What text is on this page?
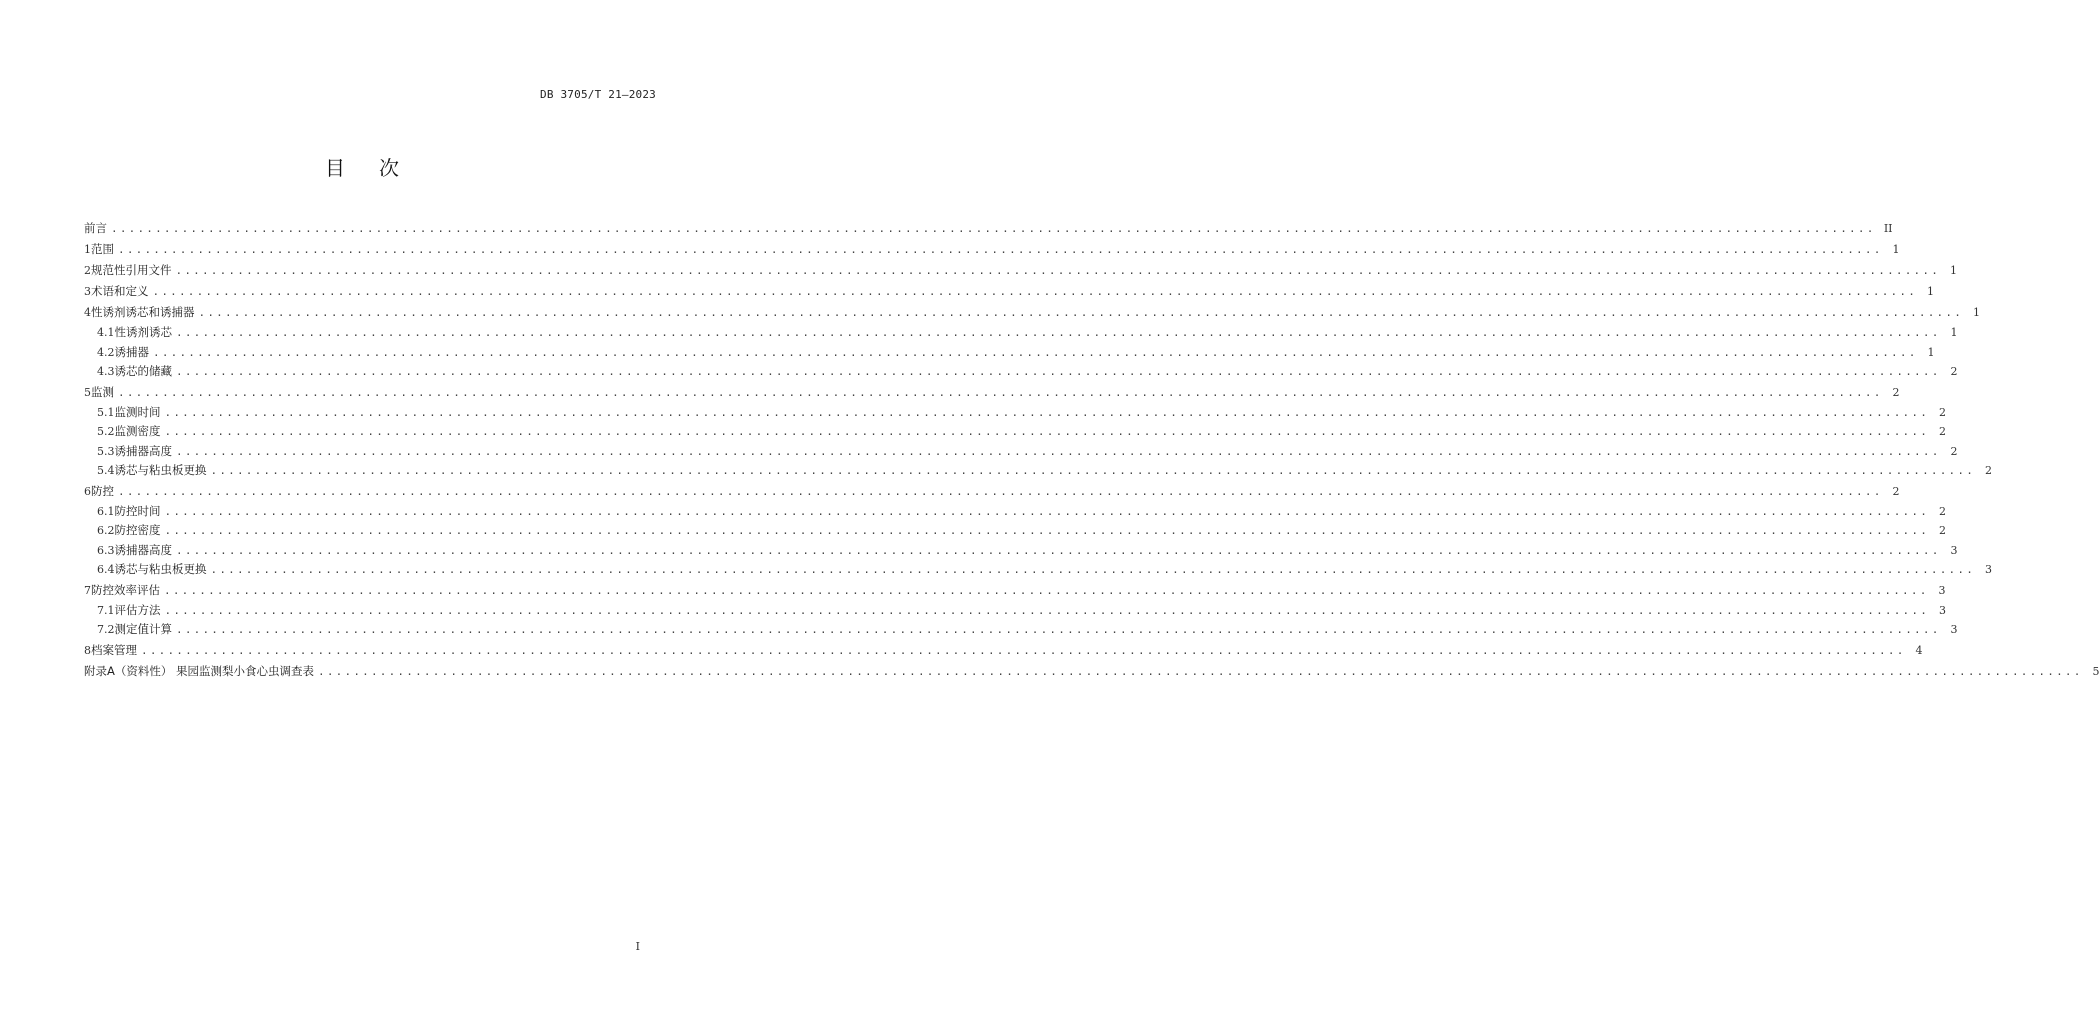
DB 3705/T 21—2023
目次
前言 ........................................................................................................................................................................................................ II
1 范围 ........................................................................................................................................................................................................ 1
2 规范性引用文件 ........................................................................................................................................................................................................ 1
3 术语和定义 ........................................................................................................................................................................................................ 1
4 性诱剂诱芯和诱捕器 ........................................................................................................................................................................................................ 1
4.1 性诱剂诱芯 ........................................................................................................................................................................................................ 1
4.2 诱捕器 ........................................................................................................................................................................................................ 1
4.3 诱芯的储藏 ........................................................................................................................................................................................................ 2
5 监测 ........................................................................................................................................................................................................ 2
5.1 监测时间 ........................................................................................................................................................................................................ 2
5.2 监测密度 ........................................................................................................................................................................................................ 2
5.3 诱捕器高度 ........................................................................................................................................................................................................ 2
5.4 诱芯与粘虫板更换 ........................................................................................................................................................................................................ 2
6 防控 ........................................................................................................................................................................................................ 2
6.1 防控时间 ........................................................................................................................................................................................................ 2
6.2 防控密度 ........................................................................................................................................................................................................ 2
6.3 诱捕器高度 ........................................................................................................................................................................................................ 3
6.4 诱芯与粘虫板更换 ........................................................................................................................................................................................................ 3
7 防控效率评估 ........................................................................................................................................................................................................ 3
7.1 评估方法 ........................................................................................................................................................................................................ 3
7.2 测定值计算 ........................................................................................................................................................................................................ 3
8 档案管理 ........................................................................................................................................................................................................ 4
附录A（资料性） 果园监测梨小食心虫调查表 ........................................................................................................................................................................................................ 5
I
